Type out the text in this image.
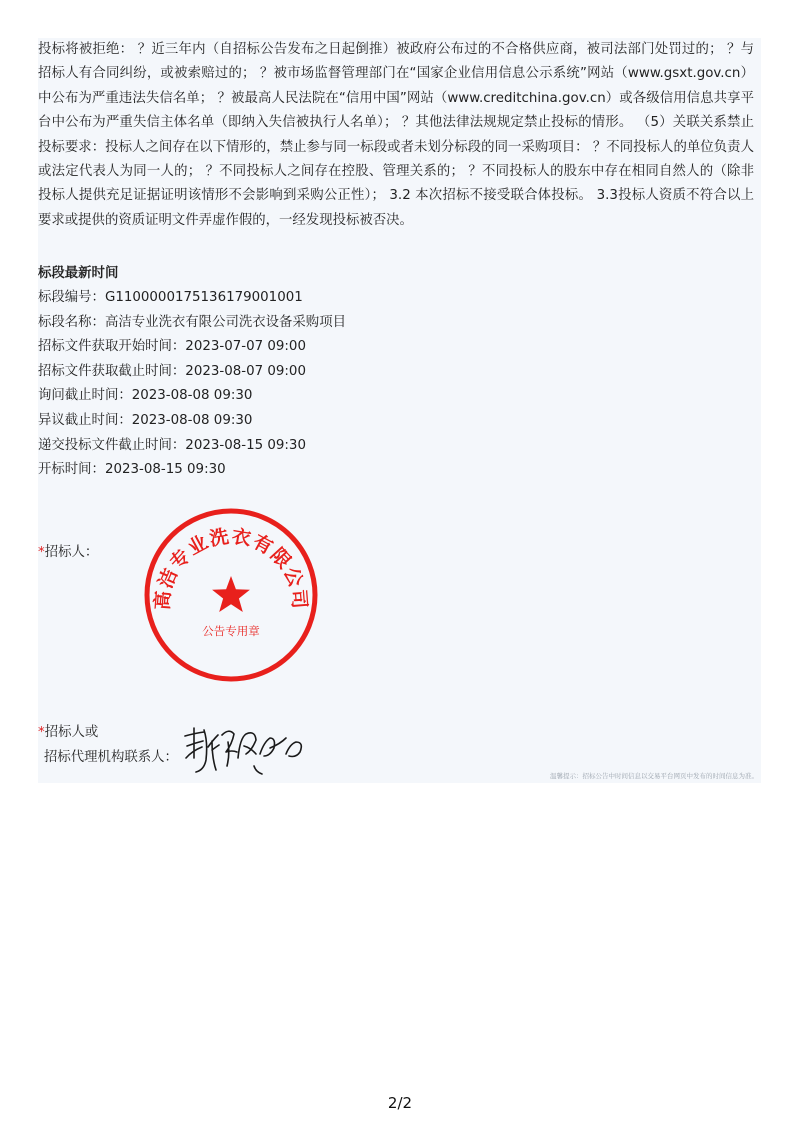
投标将被拒绝： ？近三年内（自招标公告发布之日起倒推）被政府公布过的不合格供应商，被司法部门处罚过的； ？与招标人有合同纠纷，或被索赔过的； ？被市场监督管理部门在“国家企业信用信息公示系统”网站（www.gsxt.gov.cn）中公布为严重违法失信名单； ？被最高人民法院在“信用中国”网站（www.creditchina.gov.cn）或各级信用信息共享平台中公布为严重失信主体名单（即纳入失信被执行人名单）； ？其他法律法规规定禁止投标的情形。 （5）关联关系禁止投标要求：投标人之间存在以下情形的，禁止参与同一标段或者未划分标段的同一采购项目： ？不同投标人的单位负责人或法定代表人为同一人的； ？不同投标人之间存在控股、管理关系的； ？不同投标人的股东中存在相同自然人的（除非投标人提供充足证据证明该情形不会影响到采购公正性）； 3.2 本次招标不接受联合体投标。 3.3投标人资质不符合以上要求或提供的资质证明文件弄虚作假的，一经发现投标被否决。

标段最新时间
标段编号：G1100000175136179001001
标段名称：高洁专业洗衣有限公司洗衣设备采购项目
招标文件获取开始时间：2023-07-07 09:00
招标文件获取截止时间：2023-08-07 09:00
询问截止时间：2023-08-08 09:30
异议截止时间：2023-08-08 09:30
递交投标文件截止时间：2023-08-15 09:30
开标时间：2023-08-15 09:30
*招标人：
高洁专业洗衣有限公司
公告专用章
*招标人或
招标代理机构联系人：
温馨提示：招标公告中时间信息以交易平台网页中发布的时间信息为准。
2/2
